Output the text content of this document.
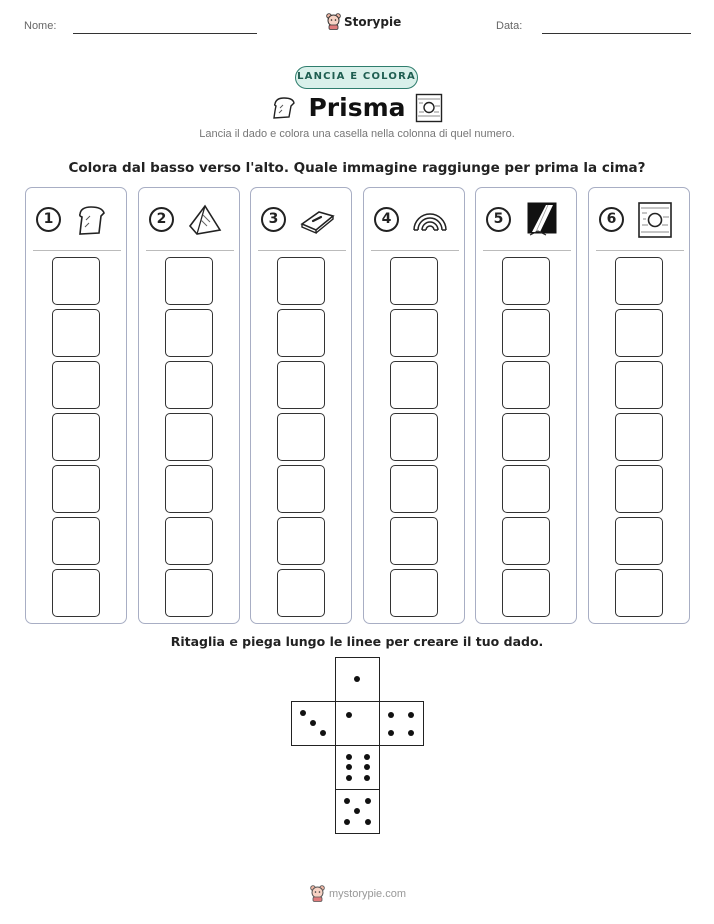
Nome:	Data:
Storypie
LANCIA E COLORA
Prisma
Lancia il dado e colora una casella nella colonna di quel numero.
Colora dal basso verso l'alto. Quale immagine raggiunge per prima la cima?
1	2	3	4	5	6
Ritaglia e piega lungo le linee per creare il tuo dado.
mystorypie.com
